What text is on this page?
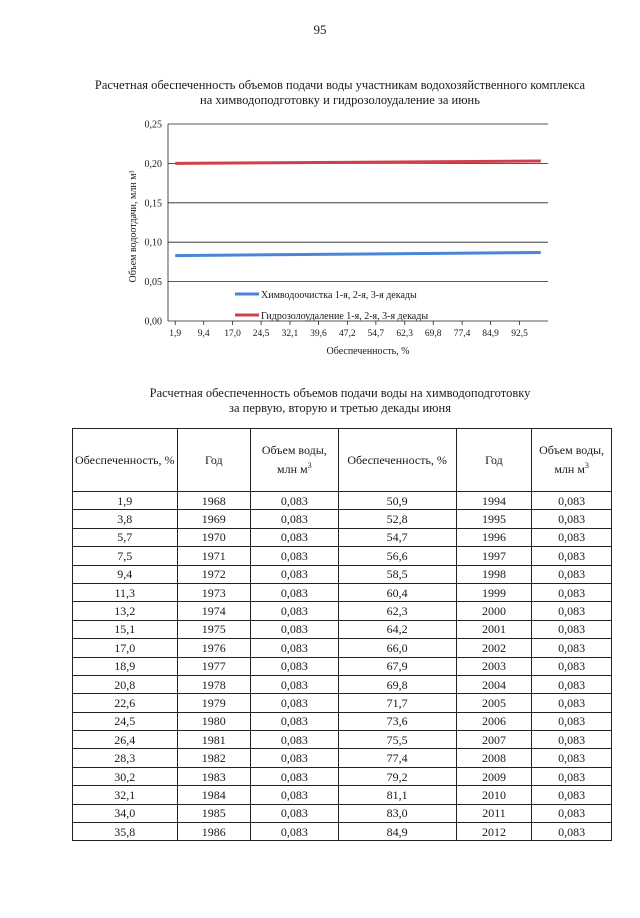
95
Расчетная обеспеченность объемов подачи воды участникам водохозяйственного комплекса
на химводоподготовку и гидрозолоудаление за июнь
0,00
0,05
0,10
0,15
0,20
0,25
1,9 9,4 17,0 24,5 32,1 39,6 47,2 54,7 62,3 69,8 77,4 84,9 92,5
Обеспеченность, %
Объем водоотдачи, млн м³
Химводоочистка 1-я, 2-я, 3-я декады
Гидрозолоудаление 1-я, 2-я, 3-я декады
Расчетная обеспеченность объемов подачи воды на химводоподготовку
за первую, вторую и третью декады июня
Обеспеченность, %	Год	Объем воды, млн $м^3$	Обеспеченность, %	Год	Объем воды, млн $м^3$
1,9	1968	0,083	50,9	1994	0,083
3,8	1969	0,083	52,8	1995	0,083
5,7	1970	0,083	54,7	1996	0,083
7,5	1971	0,083	56,6	1997	0,083
9,4	1972	0,083	58,5	1998	0,083
11,3	1973	0,083	60,4	1999	0,083
13,2	1974	0,083	62,3	2000	0,083
15,1	1975	0,083	64,2	2001	0,083
17,0	1976	0,083	66,0	2002	0,083
18,9	1977	0,083	67,9	2003	0,083
20,8	1978	0,083	69,8	2004	0,083
22,6	1979	0,083	71,7	2005	0,083
24,5	1980	0,083	73,6	2006	0,083
26,4	1981	0,083	75,5	2007	0,083
28,3	1982	0,083	77,4	2008	0,083
30,2	1983	0,083	79,2	2009	0,083
32,1	1984	0,083	81,1	2010	0,083
34,0	1985	0,083	83,0	2011	0,083
35,8	1986	0,083	84,9	2012	0,083
